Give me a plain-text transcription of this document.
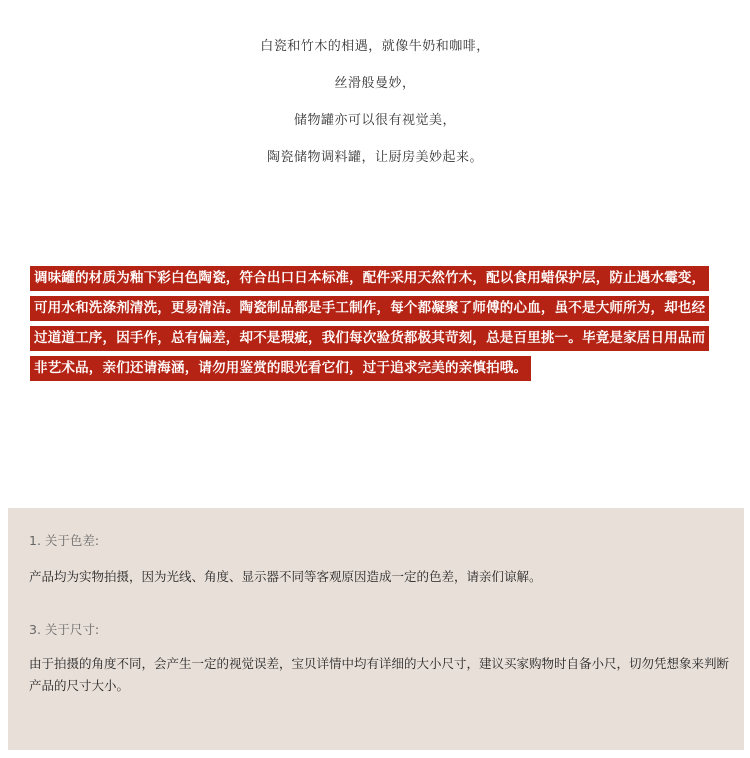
白瓷和竹木的相遇，就像牛奶和咖啡，
丝滑般曼妙，
储物罐亦可以很有视觉美，
陶瓷储物调料罐，让厨房美妙起来。
调味罐的材质为釉下彩白色陶瓷，符合出口日本标准，配件采用天然竹木，配以食用蜡保护层，防止遇水霉变，
可用水和洗涤剂清洗，更易清洁。陶瓷制品都是手工制作，每个都凝聚了师傅的心血，虽不是大师所为，却也经
过道道工序，因手作，总有偏差，却不是瑕疵，我们每次验货都极其苛刻，总是百里挑一。毕竟是家居日用品而
非艺术品，亲们还请海涵，请勿用鉴赏的眼光看它们，过于追求完美的亲慎拍哦。
1. 关于色差:
产品均为实物拍摄，因为光线、角度、显示器不同等客观原因造成一定的色差，请亲们谅解。
3. 关于尺寸:
由于拍摄的角度不同，会产生一定的视觉误差，宝贝详情中均有详细的大小尺寸，建议买家购物时自备小尺，切勿凭想象来判断产品的尺寸大小。
